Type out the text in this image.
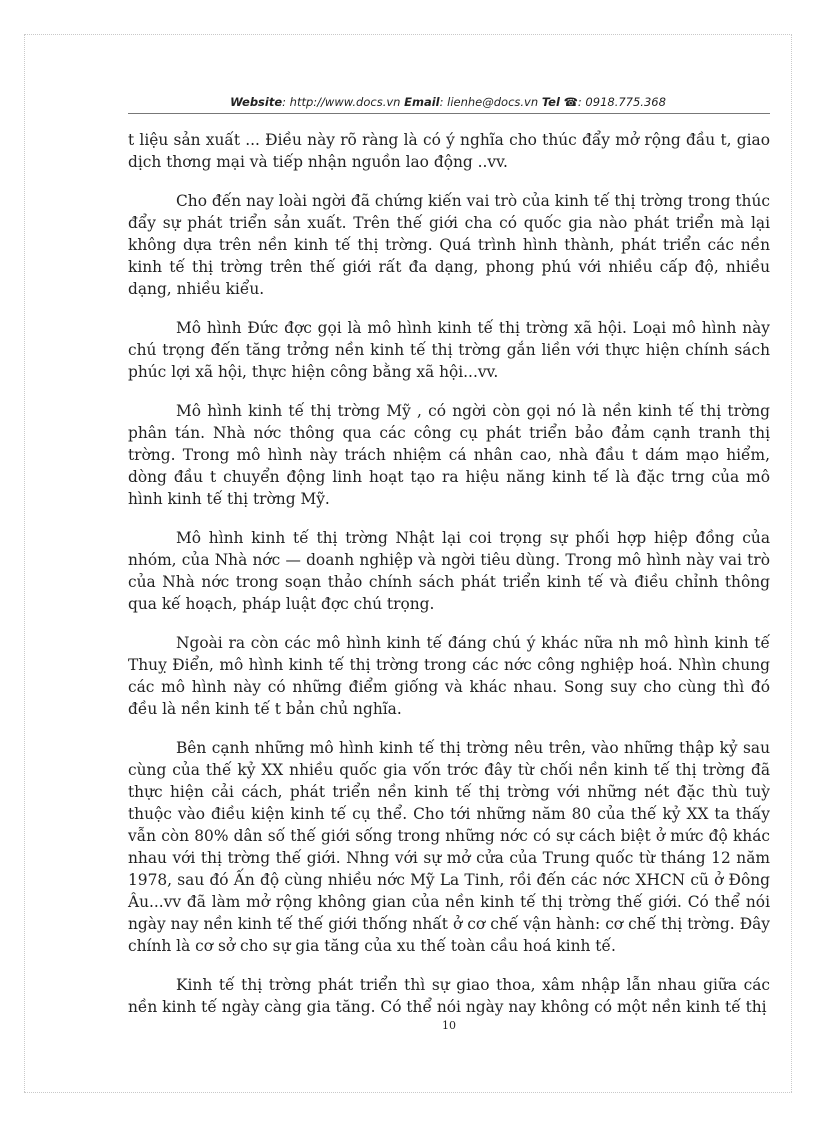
Website: http://www.docs.vn Email: lienhe@docs.vn Tel ☎: 0918.775.368

t liệu sản xuất ... Điều này rõ ràng là có ý nghĩa cho thúc đẩy mở rộng đầu t, giao dịch thơng mại và tiếp nhận nguồn lao động ..vv.

Cho đến nay loài ngời đã chứng kiến vai trò của kinh tế thị trờng trong thúc đẩy sự phát triển sản xuất. Trên thế giới cha có quốc gia nào phát triển mà lại không dựa trên nền kinh tế thị trờng. Quá trình hình thành, phát triển các nền kinh tế thị trờng trên thế giới rất đa dạng, phong phú với nhiều cấp độ, nhiều dạng, nhiều kiểu.

Mô hình Đức đợc gọi là mô hình kinh tế thị trờng xã hội. Loại mô hình này chú trọng đến tăng trởng nền kinh tế thị trờng gắn liền với thực hiện chính sách phúc lợi xã hội, thực hiện công bằng xã hội...vv.

Mô hình kinh tế thị trờng Mỹ , có ngời còn gọi nó là nền kinh tế thị trờng phân tán. Nhà nớc thông qua các công cụ phát triển bảo đảm cạnh tranh thị trờng. Trong mô hình này trách nhiệm cá nhân cao, nhà đầu t dám mạo hiểm, dòng đầu t chuyển động linh hoạt tạo ra hiệu năng kinh tế là đặc trng của mô hình kinh tế thị trờng Mỹ.

Mô hình kinh tế thị trờng Nhật lại coi trọng sự phối hợp hiệp đồng của nhóm, của Nhà nớc — doanh nghiệp và ngời tiêu dùng. Trong mô hình này vai trò của Nhà nớc trong soạn thảo chính sách phát triển kinh tế và điều chỉnh thông qua kế hoạch, pháp luật đợc chú trọng.

Ngoài ra còn các mô hình kinh tế đáng chú ý khác nữa nh mô hình kinh tế Thuỵ Điển, mô hình kinh tế thị trờng trong các nớc công nghiệp hoá. Nhìn chung các mô hình này có những điểm giống và khác nhau. Song suy cho cùng thì đó đều là nền kinh tế t bản chủ nghĩa.

Bên cạnh những mô hình kinh tế thị trờng nêu trên, vào những thập kỷ sau cùng của thế kỷ XX nhiều quốc gia vốn trớc đây từ chối nền kinh tế thị trờng đã thực hiện cải cách, phát triển nền kinh tế thị trờng với những nét đặc thù tuỳ thuộc vào điều kiện kinh tế cụ thể. Cho tới những năm 80 của thế kỷ XX ta thấy vẫn còn 80% dân số thế giới sống trong những nớc có sự cách biệt ở mức độ khác nhau với thị trờng thế giới. Nhng với sự mở cửa của Trung quốc từ tháng 12 năm 1978, sau đó Ấn độ cùng nhiều nớc Mỹ La Tinh, rồi đến các nớc XHCN cũ ở Đông Âu...vv đã làm mở rộng không gian của nền kinh tế thị trờng thế giới. Có thể nói ngày nay nền kinh tế thế giới thống nhất ở cơ chế vận hành: cơ chế thị trờng. Đây chính là cơ sở cho sự gia tăng của xu thế toàn cầu hoá kinh tế.

Kinh tế thị trờng phát triển thì sự giao thoa, xâm nhập lẫn nhau giữa các nền kinh tế ngày càng gia tăng. Có thể nói ngày nay không có một nền kinh tế thị

10
